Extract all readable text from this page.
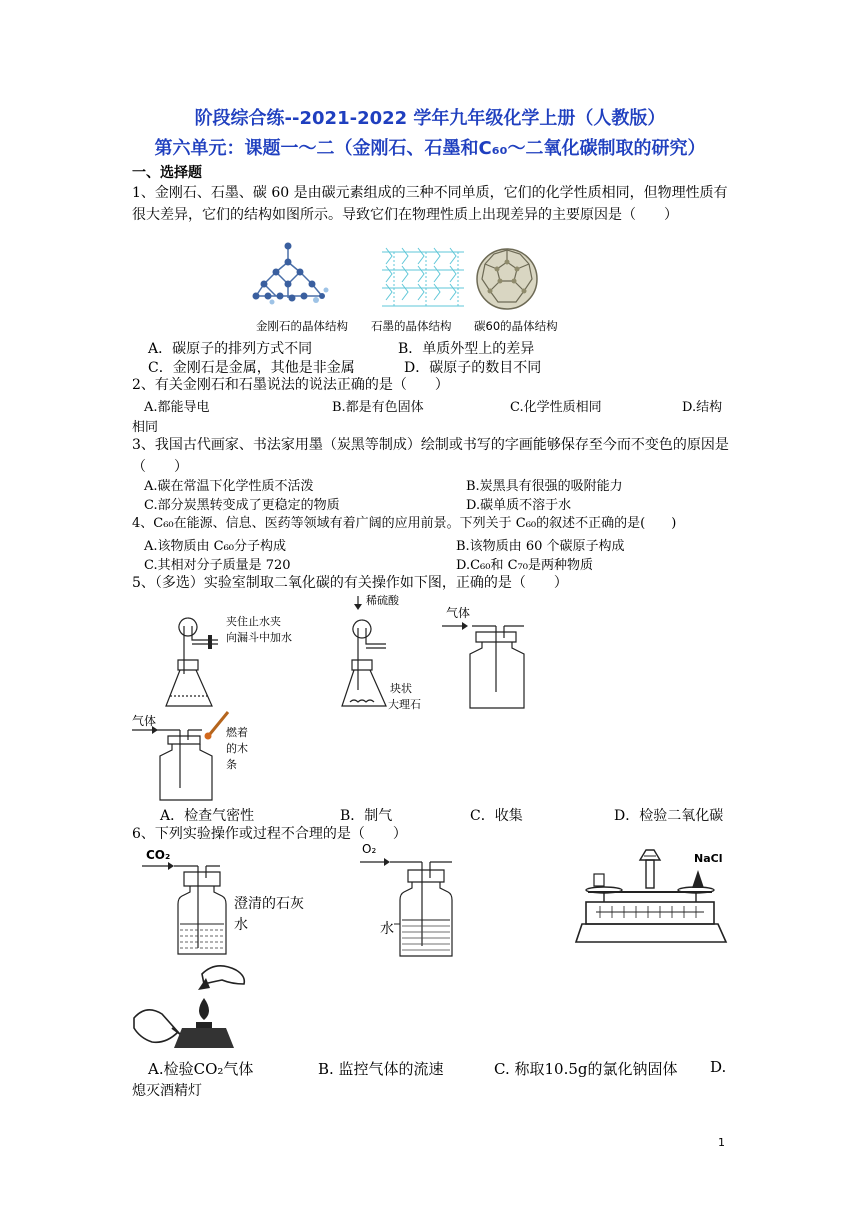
阶段综合练--2021-2022 学年九年级化学上册（人教版）
第六单元：课题一～二（金刚石、石墨和C₆₀～二氧化碳制取的研究）
一、选择题
1、金刚石、石墨、碳 60 是由碳元素组成的三种不同单质，它们的化学性质相同，但物理性质有很大差异，它们的结构如图所示。导致它们在物理性质上出现差异的主要原因是（　　）
金刚石的晶体结构 石墨的晶体结构 碳60的晶体结构
A．碳原子的排列方式不同	B．单质外型上的差异
C．金刚石是金属，其他是非金属	D．碳原子的数目不同
2、有关金刚石和石墨说法的说法正确的是（　　）
A.都能导电	B.都是有色固体	C.化学性质相同	D.结构
相同
3、我国古代画家、书法家用墨（炭黑等制成）绘制或书写的字画能够保存至今而不变色的原因是（　　）
A.碳在常温下化学性质不活泼	B.炭黑具有很强的吸附能力
C.部分炭黑转变成了更稳定的物质	D.碳单质不溶于水
4、C₆₀在能源、信息、医药等领域有着广阔的应用前景。下列关于 C₆₀的叙述不正确的是(　　)
A.该物质由 C₆₀分子构成	B.该物质由 60 个碳原子构成
C.其相对分子质量是 720	D.C₆₀和 C₇₀是两种物质
5、（多选）实验室制取二氧化碳的有关操作如下图，正确的是（　　）
夹住止水夹
向漏斗中加水
稀硫酸
块状
大理石
气体
气体
燃着
的木
条
A．检查气密性	B．制气	C．收集	D．检验二氧化碳
6、下列实验操作或过程不合理的是（　　）
CO₂
澄清的石灰
水
O₂
水
NaCl
A.检验CO₂气体	B. 监控气体的流速	C. 称取10.5g的氯化钠固体 D.
熄灭酒精灯
1
